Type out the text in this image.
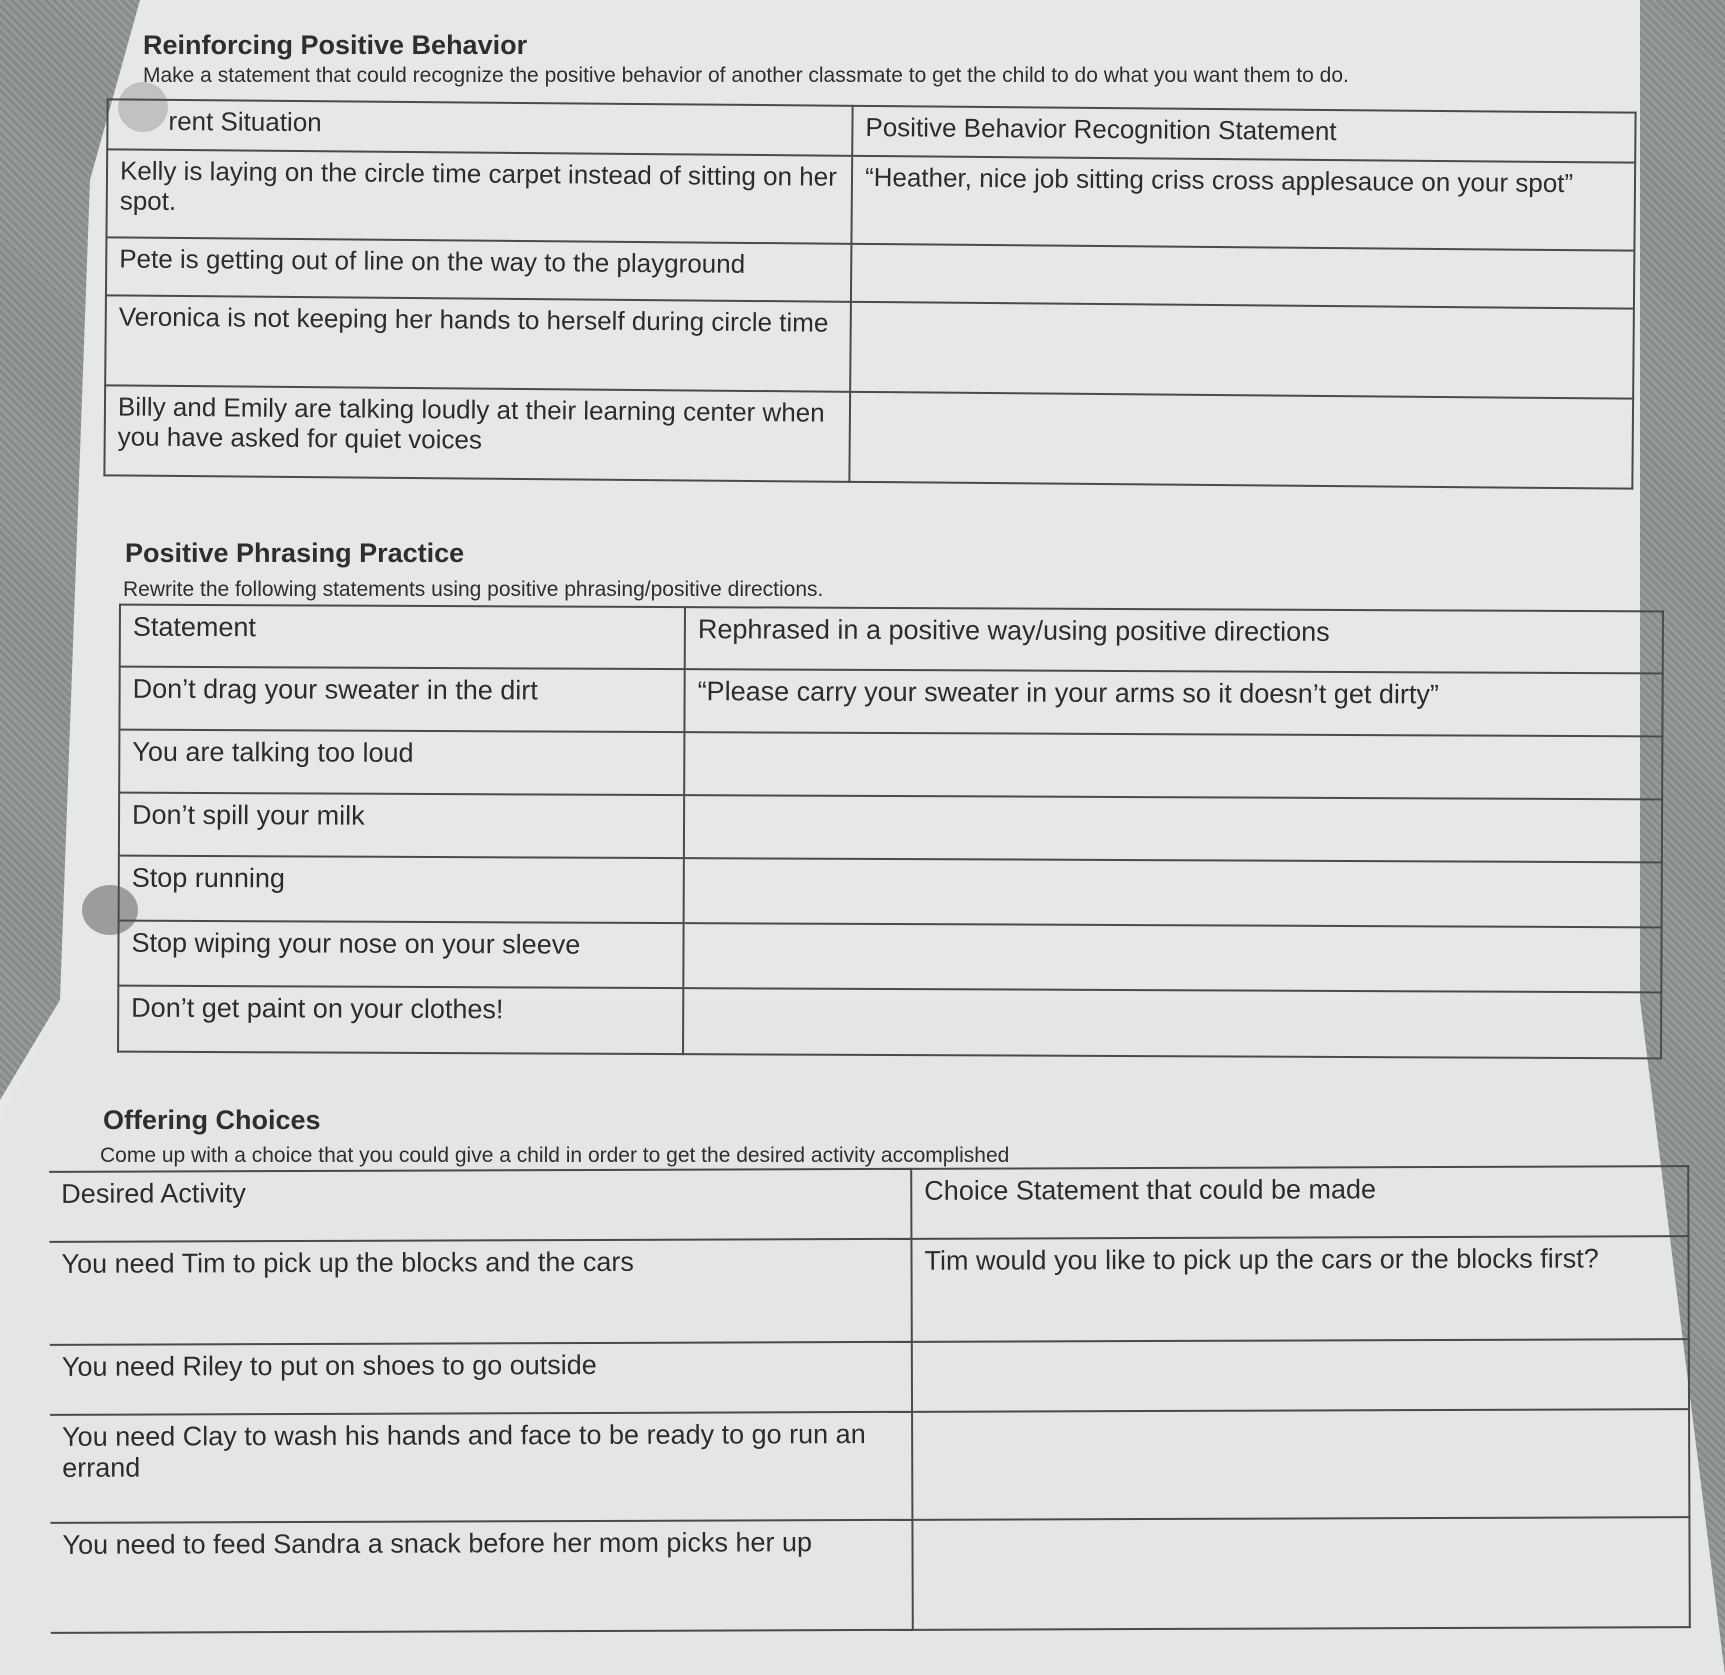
Reinforcing Positive Behavior

Make a statement that could recognize the positive behavior of another classmate to get the child to do what you want them to do.

rent Situation	Positive Behavior Recognition Statement
Kelly is laying on the circle time carpet instead of sitting on her spot.	“Heather, nice job sitting criss cross applesauce on your spot”
Pete is getting out of line on the way to the playground	
Veronica is not keeping her hands to herself during circle time	
Billy and Emily are talking loudly at their learning center when you have asked for quiet voices	
Positive Phrasing Practice

Rewrite the following statements using positive phrasing/positive directions.

Statement	Rephrased in a positive way/using positive directions
Don’t drag your sweater in the dirt	“Please carry your sweater in your arms so it doesn’t get dirty”
You are talking too loud	
Don’t spill your milk	
Stop running	
Stop wiping your nose on your sleeve	
Don’t get paint on your clothes!	
Offering Choices

Come up with a choice that you could give a child in order to get the desired activity accomplished

Desired Activity	Choice Statement that could be made
You need Tim to pick up the blocks and the cars	Tim would you like to pick up the cars or the blocks first?
You need Riley to put on shoes to go outside	
You need Clay to wash his hands and face to be ready to go run an errand	
You need to feed Sandra a snack before her mom picks her up	
